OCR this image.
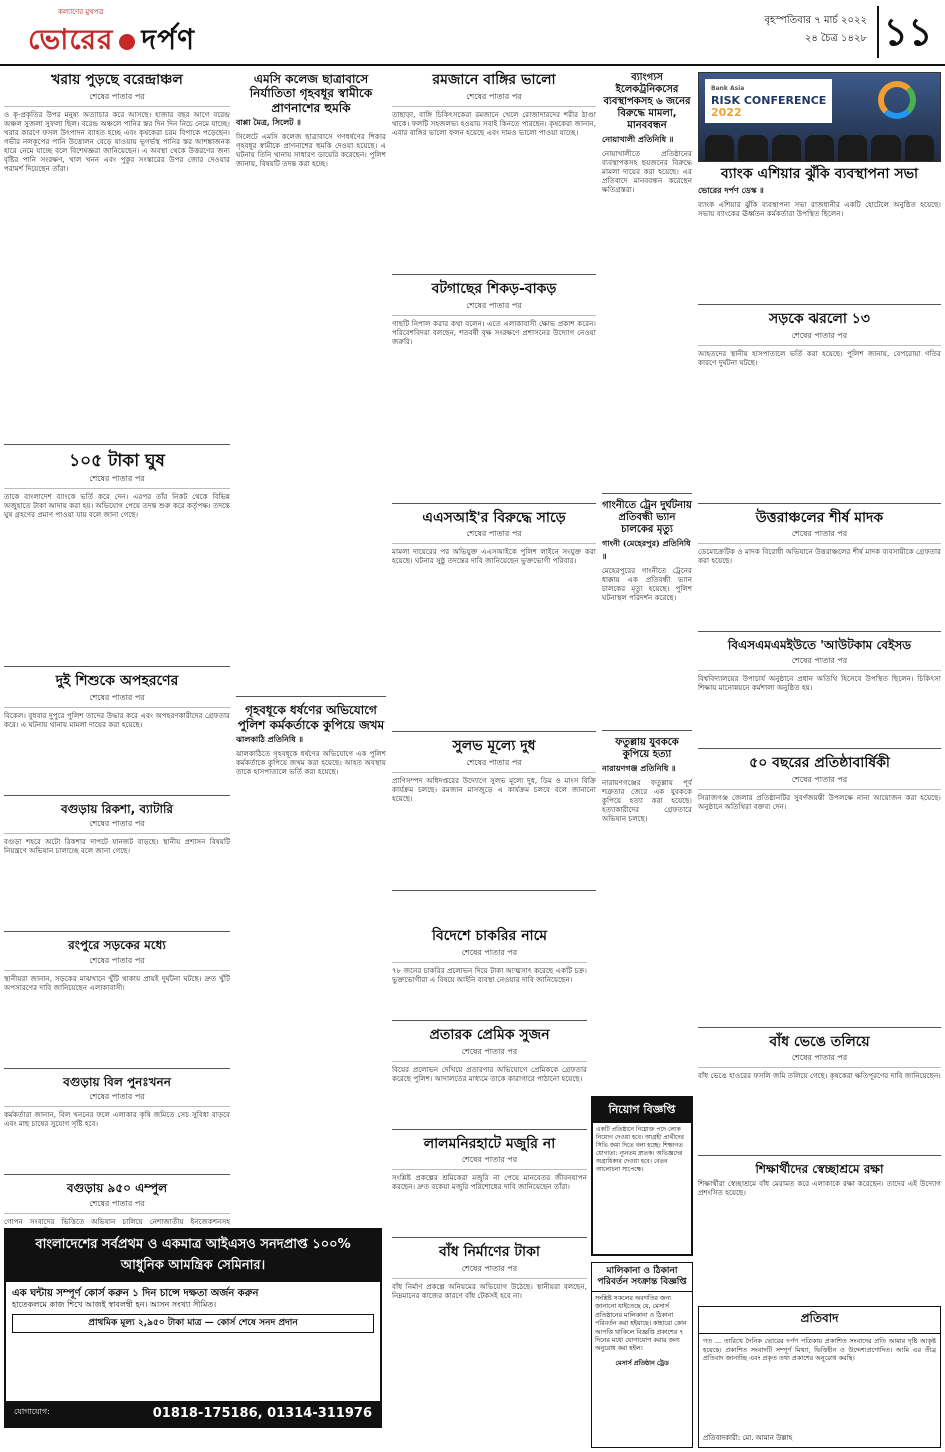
কল্যাণের মুখপত্র
ভোরের দর্পণ
বৃহস্পতিবার ৭ মার্চ ২০২২
২৪ চৈত্র ১৪২৮ ১১
খরায় পুড়ছে বরেন্দ্রাঞ্চল
শেষের পাতার পর

ও কৃ-প্রকৃতির উপর মনুষ্য অত্যাচার করে আসছে। হাজার বছর আগে বরেন্দ্র অঞ্চল সুজলা সুফলা ছিল। বরেন্দ্র অঞ্চলে পানির স্তর দিন দিন নিচে নেমে যাচ্ছে। খরার কারণে ফসল উৎপাদন ব্যাহত হচ্ছে এবং কৃষকেরা চরম বিপাকে পড়েছেন। গভীর নলকূপের পানি উত্তোলন বেড়ে যাওয়ায় ভূগর্ভস্থ পানির স্তর আশঙ্কাজনক হারে নেমে যাচ্ছে বলে বিশেষজ্ঞরা জানিয়েছেন। এ অবস্থা থেকে উত্তরণের জন্য বৃষ্টির পানি সংরক্ষণ, খাল খনন এবং পুকুর সংস্কারের উপর জোর দেওয়ার পরামর্শ দিয়েছেন তাঁরা।

১০৫ টাকা ঘুষ
শেষের পাতার পর

তাকে বাংলাদেশ ব্যাংকে ভর্তি করে দেন। এরপর তাঁর নিকট থেকে বিভিন্ন অজুহাতে টাকা আদায় করা হয়। অভিযোগ পেয়ে তদন্ত শুরু করে কর্তৃপক্ষ। তদন্তে ঘুষ গ্রহণের প্রমাণ পাওয়া যায় বলে জানা গেছে।

দুই শিশুকে অপহরণের
শেষের পাতার পর

বিকেল। বুধবার দুপুরে পুলিশ তাদের উদ্ধার করে এবং অপহরণকারীদের গ্রেফতার করে। এ ঘটনায় থানায় মামলা দায়ের করা হয়েছে।

বগুড়ায় রিকশা, ব্যাটারি
শেষের পাতার পর

বগুড়া শহরে অটো রিকশার দাপটে যানজট বাড়ছে। স্থানীয় প্রশাসন বিষয়টি নিয়ন্ত্রণে অভিযান চালাচ্ছে বলে জানা গেছে।

রংপুরে সড়কের মধ্যে
শেষের পাতার পর

স্থানীয়রা জানান, সড়কের মাঝখানে খুঁটি থাকায় প্রায়ই দুর্ঘটনা ঘটছে। দ্রুত খুঁটি অপসারণের দাবি জানিয়েছেন এলাকাবাসী।

বগুড়ায় বিল পুনঃখনন
শেষের পাতার পর

কর্মকর্তারা জানান, বিল খননের ফলে এলাকার কৃষি জমিতে সেচ সুবিধা বাড়বে এবং মাছ চাষের সুযোগ সৃষ্টি হবে।

বগুড়ায় ৯৫০ এম্পুল
শেষের পাতার পর

গোপন সংবাদের ভিত্তিতে অভিযান চালিয়ে নেশাজাতীয় ইনজেকশনসহ

এমসি কলেজ ছাত্রাবাসে নির্যাতিতা গৃহবধূর স্বামীকে প্রাণনাশের হুমকি
বাপ্পা মৈত্র, সিলেট ॥

সিলেটে এমসি কলেজ ছাত্রাবাসে গণধর্ষণের শিকার গৃহবধূর স্বামীকে প্রাণনাশের হুমকি দেওয়া হয়েছে। এ ঘটনায় তিনি থানায় সাধারণ ডায়েরি করেছেন। পুলিশ জানায়, বিষয়টি তদন্ত করা হচ্ছে।

গৃহবধূকে ধর্ষণের অভিযোগে পুলিশ কর্মকর্তাকে কুপিয়ে জখম
ঝালকাঠি প্রতিনিধি ॥

ঝালকাঠিতে গৃহবধূকে ধর্ষণের অভিযোগে এক পুলিশ কর্মকর্তাকে কুপিয়ে জখম করা হয়েছে। আহত অবস্থায় তাকে হাসপাতালে ভর্তি করা হয়েছে।

রমজানে বাঙ্গির ভালো
শেষের পাতার পর

তাছাড়া, বাঙ্গি চিকিৎসকেরা রমজানে খেলে রোজাদারদের শরীর ঠাণ্ডা থাকে। ফলটি সহজলভ্য হওয়ায় সবাই কিনতে পারছেন। কৃষকেরা জানান, এবার বাঙ্গির ভালো ফলন হয়েছে এবং দামও ভালো পাওয়া যাচ্ছে।

বটগাছের শিকড়-বাকড়
শেষের পাতার পর

গাছটি নিপাল করার কথা বলেন। এতে এলাকাবাসী ক্ষোভ প্রকাশ করেন। পরিবেশবিদরা বলছেন, শতবর্ষী বৃক্ষ সংরক্ষণে প্রশাসনের উদ্যোগ নেওয়া জরুরি।

এএসআই'র বিরুদ্ধে সাড়ে
শেষের পাতার পর

মামলা দায়েরের পর অভিযুক্ত এএসআইকে পুলিশ লাইনে সংযুক্ত করা হয়েছে। ঘটনার সুষ্ঠু তদন্তের দাবি জানিয়েছেন ভুক্তভোগী পরিবার।

সুলভ মূল্যে দুধ
শেষের পাতার পর

প্রাণিসম্পদ অধিদপ্তরের উদ্যোগে সুলভ মূল্যে দুধ, ডিম ও মাংস বিক্রি কার্যক্রম চলছে। রমজান মাসজুড়ে এ কার্যক্রম চলবে বলে জানানো হয়েছে।

ব্যাংগ্যস ইলেকট্রনিকসের ব্যবস্থাপকসহ ৬ জনের বিরুদ্ধে মামলা, মানববন্ধন
নোয়াখালী প্রতিনিধি ॥

নোয়াখালীতে প্রতিষ্ঠানের ব্যবস্থাপকসহ ছয়জনের বিরুদ্ধে মামলা দায়ের করা হয়েছে। এর প্রতিবাদে মানববন্ধন করেছেন ক্ষতিগ্রস্তরা।

গাংনীতে ট্রেন দুর্ঘটনায় প্রতিবন্ধী ভ্যান চালকের মৃত্যু
গাংনী (মেহেরপুর) প্রতিনিধি ॥

মেহেরপুরের গাংনীতে ট্রেনের ধাক্কায় এক প্রতিবন্ধী ভ্যান চালকের মৃত্যু হয়েছে। পুলিশ ঘটনাস্থল পরিদর্শন করেছে।

ফতুল্লায় যুবককে কুপিয়ে হত্যা
নারায়ণগঞ্জ প্রতিনিধি ॥

নারায়ণগঞ্জের ফতুল্লায় পূর্ব শত্রুতার জেরে এক যুবককে কুপিয়ে হত্যা করা হয়েছে। হত্যাকারীদের গ্রেফতারে অভিযান চলছে।

বিদেশে চাকরির নামে
শেষের পাতার পর

৭৮ জনের চাকরির প্রলোভন দিয়ে টাকা আত্মসাৎ করেছে একটি চক্র। ভুক্তভোগীরা এ বিষয়ে আইনি ব্যবস্থা নেওয়ার দাবি জানিয়েছেন।

প্রতারক প্রেমিক সুজন
শেষের পাতার পর

বিয়ের প্রলোভন দেখিয়ে প্রতারণার অভিযোগে প্রেমিককে গ্রেফতার করেছে পুলিশ। আদালতের মাধ্যমে তাকে কারাগারে পাঠানো হয়েছে।

লালমনিরহাটে মজুরি না
শেষের পাতার পর

সংশ্লিষ্ট প্রকল্পের শ্রমিকেরা মজুরি না পেয়ে মানবেতর জীবনযাপন করছেন। দ্রুত বকেয়া মজুরি পরিশোধের দাবি জানিয়েছেন তাঁরা।

বাঁধ নির্মাণের টাকা
শেষের পাতার পর

বাঁধ নির্মাণ প্রকল্পে অনিয়মের অভিযোগ উঠেছে। স্থানীয়রা বলছেন, নিম্নমানের কাজের কারণে বাঁধ টেকসই হবে না।

Bank Asia
RISK CONFERENCE
2022
ব্যাংক এশিয়ার ঝুঁকি ব্যবস্থাপনা সভা
ভোরের দর্পণ ডেস্ক ॥

ব্যাংক এশিয়ার ঝুঁকি ব্যবস্থাপনা সভা রাজধানীর একটি হোটেলে অনুষ্ঠিত হয়েছে। সভায় ব্যাংকের ঊর্ধ্বতন কর্মকর্তারা উপস্থিত ছিলেন।

সড়কে ঝরলো ১৩
শেষের পাতার পর

আহতদের স্থানীয় হাসপাতালে ভর্তি করা হয়েছে। পুলিশ জানায়, বেপরোয়া গতির কারণে দুর্ঘটনা ঘটছে।

উত্তরাঞ্চলের শীর্ষ মাদক
শেষের পাতার পর

ডেমোক্রেটিক ও মাদক বিরোধী অভিযানে উত্তরাঞ্চলের শীর্ষ মাদক ব্যবসায়ীকে গ্রেফতার করা হয়েছে।

বিএসএমএমইউতে 'আউটকাম বেইসড
শেষের পাতার পর

বিশ্ববিদ্যালয়ের উপাচার্য অনুষ্ঠানে প্রধান অতিথি হিসেবে উপস্থিত ছিলেন। চিকিৎসা শিক্ষায় মানোন্নয়নে কর্মশালা অনুষ্ঠিত হয়।

৫০ বছরের প্রতিষ্ঠাবার্ষিকী
শেষের পাতার পর

সিরাজগঞ্জ জেলার প্রতিষ্ঠানটির সুবর্ণজয়ন্তী উপলক্ষে নানা আয়োজন করা হয়েছে। অনুষ্ঠানে অতিথিরা বক্তব্য দেন।

বাঁধ ভেঙে তলিয়ে
শেষের পাতার পর

বাঁধ ভেঙে হাওরের ফসলি জমি তলিয়ে গেছে। কৃষকেরা ক্ষতিপূরণের দাবি জানিয়েছেন।

শিক্ষার্থীদের স্বেচ্ছাশ্রমে রক্ষা

শিক্ষার্থীরা স্বেচ্ছাশ্রমে বাঁধ মেরামত করে এলাকাকে রক্ষা করেছেন। তাদের এই উদ্যোগ প্রশংসিত হয়েছে।

বাংলাদেশের সর্বপ্রথম ও একমাত্র আইএসও সনদপ্রাপ্ত ১০০% আধুনিক আমন্ত্রিক সেমিনার।
এক ঘন্টায় সম্পূর্ণ কোর্স করুন ১ দিন চান্সে দক্ষতা অর্জন করুন
হাতেকলমে কাজ শিখে আজই স্বাবলম্বী হন। আসন সংখ্যা সীমিত।
প্রাথমিক মূল্য ২,৯৫০ টাকা মাত্র — কোর্স শেষে সনদ প্রদান
যোগাযোগ:	01818-175186, 01314-311976
নিয়োগ বিজ্ঞপ্তি
একটি প্রতিষ্ঠানে নিম্নোক্ত পদে লোক নিয়োগ দেওয়া হবে। আগ্রহী প্রার্থীদের সিভি জমা দিতে বলা হচ্ছে। শিক্ষাগত যোগ্যতা: ন্যূনতম স্নাতক। অভিজ্ঞদের অগ্রাধিকার দেওয়া হবে। বেতন আলোচনা সাপেক্ষে।
মালিকানা ও ঠিকানা পরিবর্তন সংক্রান্ত বিজ্ঞপ্তি
সংশ্লিষ্ট সকলের অবগতির জন্য জানানো যাইতেছে যে, মেসার্স প্রতিষ্ঠানের মালিকানা ও ঠিকানা পরিবর্তন করা হইয়াছে। কাহারো কোন আপত্তি থাকিলে বিজ্ঞপ্তি প্রকাশের ৭ দিনের মধ্যে যোগাযোগ করার জন্য অনুরোধ করা হইল।
মেসার্স প্রতিষ্ঠান ট্রেড
প্রতিবাদ
গত ... তারিখে দৈনিক ভোরের দর্পণ পত্রিকায় প্রকাশিত সংবাদের প্রতি আমার দৃষ্টি আকৃষ্ট হয়েছে। প্রকাশিত সংবাদটি সম্পূর্ণ মিথ্যা, ভিত্তিহীন ও উদ্দেশ্যপ্রণোদিত। আমি এর তীব্র প্রতিবাদ জানাচ্ছি এবং প্রকৃত তথ্য প্রকাশের অনুরোধ করছি।
প্রতিবাদকারী: মো. আমান উল্লাহ
